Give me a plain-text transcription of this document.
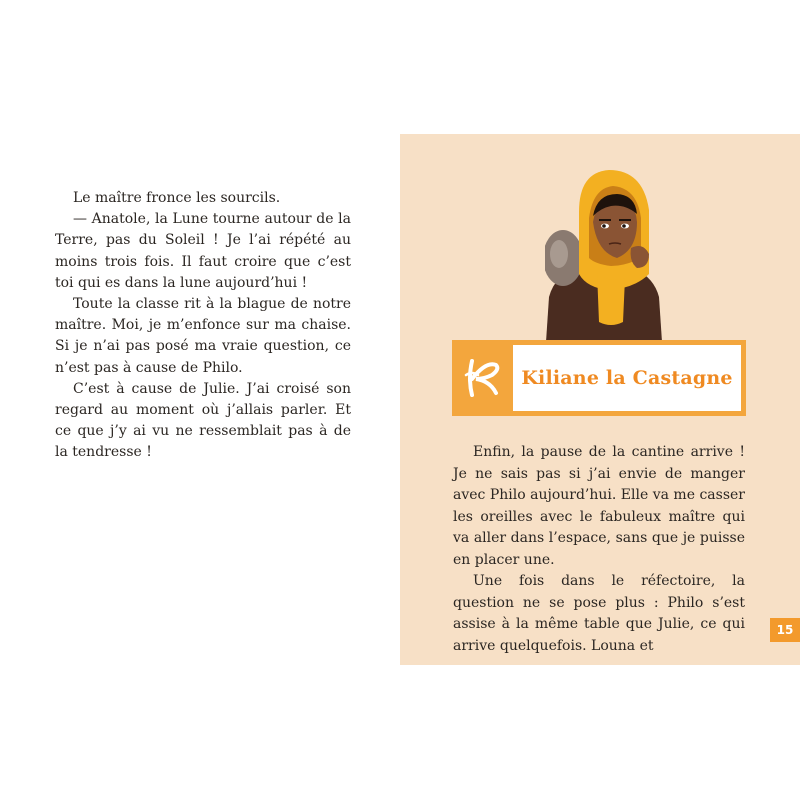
Le maître fronce les sourcils.

— Anatole, la Lune tourne autour de la Terre, pas du Soleil ! Je l’ai répété au moins trois fois. Il faut croire que c’est toi qui es dans la lune aujourd’hui !

Toute la classe rit à la blague de notre maître. Moi, je m’enfonce sur ma chaise. Si je n’ai pas posé ma vraie question, ce n’est pas à cause de Philo.

C’est à cause de Julie. J’ai croisé son regard au moment où j’allais parler. Et ce que j’y ai vu ne ressemblait pas à de la tendresse !

Kiliane la Castagne

Enfin, la pause de la cantine arrive ! Je ne sais pas si j’ai envie de manger avec Philo aujourd’hui. Elle va me casser les oreilles avec le fabuleux maître qui va aller dans l’espace, sans que je puisse en placer une.

Une fois dans le réfectoire, la question ne se pose plus : Philo s’est assise à la même table que Julie, ce qui arrive quelquefois. Louna et

15
